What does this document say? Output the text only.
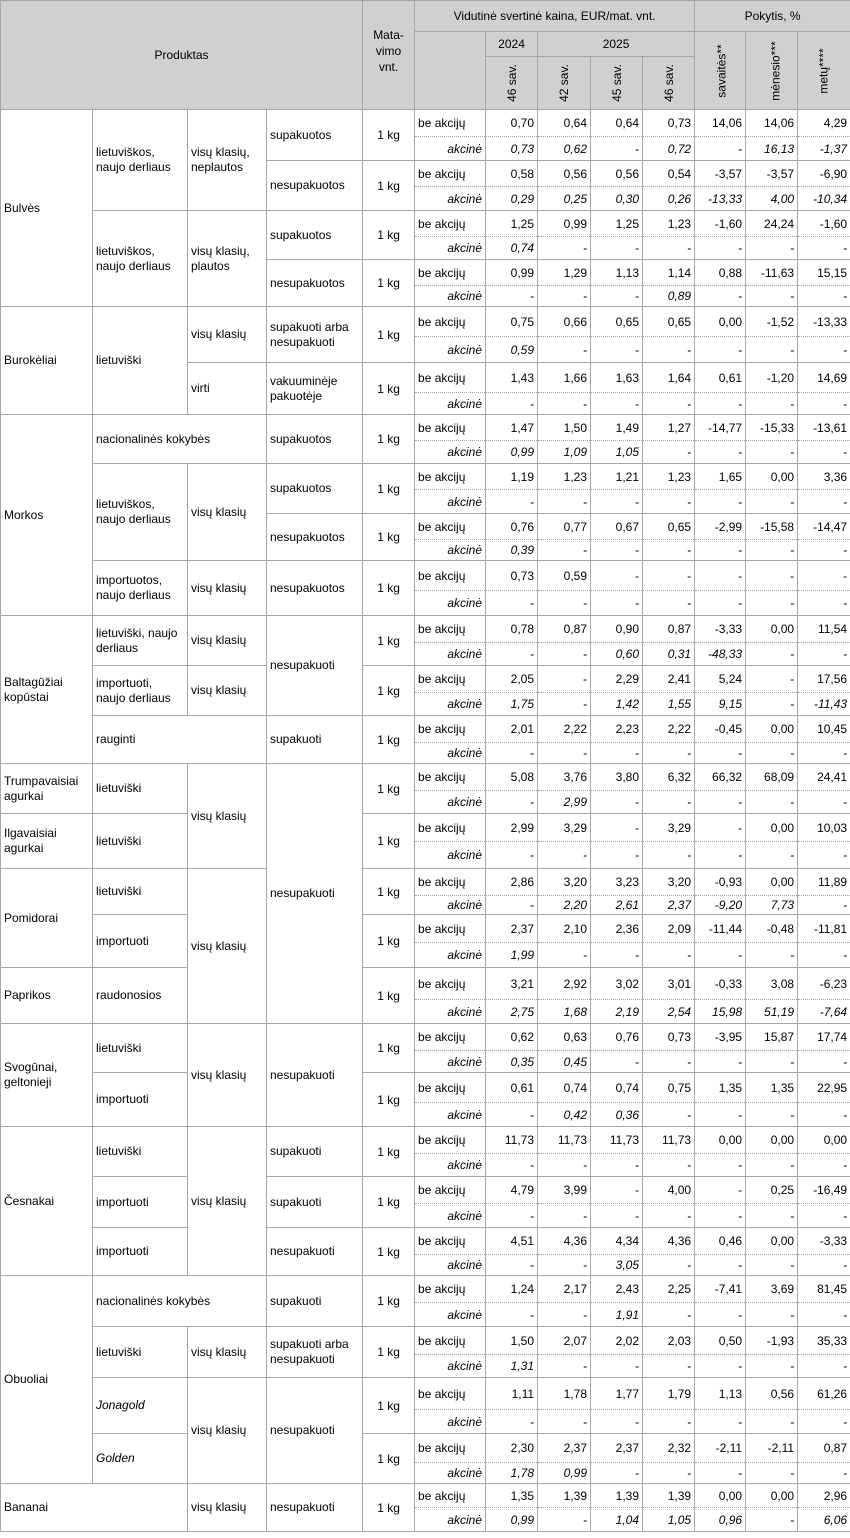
Produktas				Mata-
vimo
vnt.	Vidutinė svertinė kaina, EUR/mat. vnt.					Pokytis, %		
						2024	2025			savaitės**	mėnesio***	metų****
						46 sav.	42 sav.	45 sav.	46 sav.			
Bulvės	lietuviškos, naujo derliaus	visų klasių, neplautos	supakuotos	1 kg	be akcijų	0,70	0,64	0,64	0,73	14,06	14,06	4,29
					akcinė	0,73	0,62	-	0,72	-	16,13	-1,37
			nesupakuotos	1 kg	be akcijų	0,58	0,56	0,56	0,54	-3,57	-3,57	-6,90
					akcinė	0,29	0,25	0,30	0,26	-13,33	4,00	-10,34
	lietuviškos, naujo derliaus	visų klasių, plautos	supakuotos	1 kg	be akcijų	1,25	0,99	1,25	1,23	-1,60	24,24	-1,60
					akcinė	0,74	-	-	-	-	-	-
			nesupakuotos	1 kg	be akcijų	0,99	1,29	1,13	1,14	0,88	-11,63	15,15
					akcinė	-	-	-	0,89	-	-	-
Burokėliai	lietuviški	visų klasių	supakuoti arba nesupakuoti	1 kg	be akcijų	0,75	0,66	0,65	0,65	0,00	-1,52	-13,33
					akcinė	0,59	-	-	-	-	-	-
		virti	vakuuminėje pakuotėje	1 kg	be akcijų	1,43	1,66	1,63	1,64	0,61	-1,20	14,69
					akcinė	-	-	-	-	-	-	-
Morkos	nacionalinės kokybės		supakuotos	1 kg	be akcijų	1,47	1,50	1,49	1,27	-14,77	-15,33	-13,61
					akcinė	0,99	1,09	1,05	-	-	-	-
	lietuviškos, naujo derliaus	visų klasių	supakuotos	1 kg	be akcijų	1,19	1,23	1,21	1,23	1,65	0,00	3,36
					akcinė	-	-	-	-	-	-	-
			nesupakuotos	1 kg	be akcijų	0,76	0,77	0,67	0,65	-2,99	-15,58	-14,47
					akcinė	0,39	-	-	-	-	-	-
	importuotos, naujo derliaus	visų klasių	nesupakuotos	1 kg	be akcijų	0,73	0,59	-	-	-	-	-
					akcinė	-	-	-	-	-	-	-
Baltagūžiai kopūstai	lietuviški, naujo derliaus	visų klasių	nesupakuoti	1 kg	be akcijų	0,78	0,87	0,90	0,87	-3,33	0,00	11,54
					akcinė	-	-	0,60	0,31	-48,33	-	-
	importuoti, naujo derliaus	visų klasių		1 kg	be akcijų	2,05	-	2,29	2,41	5,24	-	17,56
					akcinė	1,75	-	1,42	1,55	9,15	-	-11,43
	rauginti		supakuoti	1 kg	be akcijų	2,01	2,22	2,23	2,22	-0,45	0,00	10,45
					akcinė	-	-	-	-	-	-	-
Trumpavaisiai agurkai	lietuviški	visų klasių	nesupakuoti	1 kg	be akcijų	5,08	3,76	3,80	6,32	66,32	68,09	24,41
					akcinė	-	2,99	-	-	-	-	-
Ilgavaisiai agurkai	lietuviški			1 kg	be akcijų	2,99	3,29	-	3,29	-	0,00	10,03
					akcinė	-	-	-	-	-	-	-
Pomidorai	lietuviški	visų klasių		1 kg	be akcijų	2,86	3,20	3,23	3,20	-0,93	0,00	11,89
					akcinė	-	2,20	2,61	2,37	-9,20	7,73	-
	importuoti			1 kg	be akcijų	2,37	2,10	2,36	2,09	-11,44	-0,48	-11,81
					akcinė	1,99	-	-	-	-	-	-
Paprikos	raudonosios			1 kg	be akcijų	3,21	2,92	3,02	3,01	-0,33	3,08	-6,23
					akcinė	2,75	1,68	2,19	2,54	15,98	51,19	-7,64
Svogūnai, geltonieji	lietuviški	visų klasių	nesupakuoti	1 kg	be akcijų	0,62	0,63	0,76	0,73	-3,95	15,87	17,74
					akcinė	0,35	0,45	-	-	-	-	-
	importuoti			1 kg	be akcijų	0,61	0,74	0,74	0,75	1,35	1,35	22,95
					akcinė	-	0,42	0,36	-	-	-	-
Česnakai	lietuviški	visų klasių	supakuoti	1 kg	be akcijų	11,73	11,73	11,73	11,73	0,00	0,00	0,00
					akcinė	-	-	-	-	-	-	-
	importuoti		supakuoti	1 kg	be akcijų	4,79	3,99	-	4,00	-	0,25	-16,49
					akcinė	-	-	-	-	-	-	-
	importuoti		nesupakuoti	1 kg	be akcijų	4,51	4,36	4,34	4,36	0,46	0,00	-3,33
					akcinė	-	-	3,05	-	-	-	-
Obuoliai	nacionalinės kokybės		supakuoti	1 kg	be akcijų	1,24	2,17	2,43	2,25	-7,41	3,69	81,45
					akcinė	-	-	1,91	-	-	-	-
	lietuviški	visų klasių	supakuoti arba nesupakuoti	1 kg	be akcijų	1,50	2,07	2,02	2,03	0,50	-1,93	35,33
					akcinė	1,31	-	-	-	-	-	-
	Jonagold	visų klasių	nesupakuoti	1 kg	be akcijų	1,11	1,78	1,77	1,79	1,13	0,56	61,26
					akcinė	-	-	-	-	-	-	-
	Golden			1 kg	be akcijų	2,30	2,37	2,37	2,32	-2,11	-2,11	0,87
					akcinė	1,78	0,99	-	-	-	-	-
Bananai		visų klasių	nesupakuoti	1 kg	be akcijų	1,35	1,39	1,39	1,39	0,00	0,00	2,96
					akcinė	0,99	-	1,04	1,05	0,96	-	6,06
